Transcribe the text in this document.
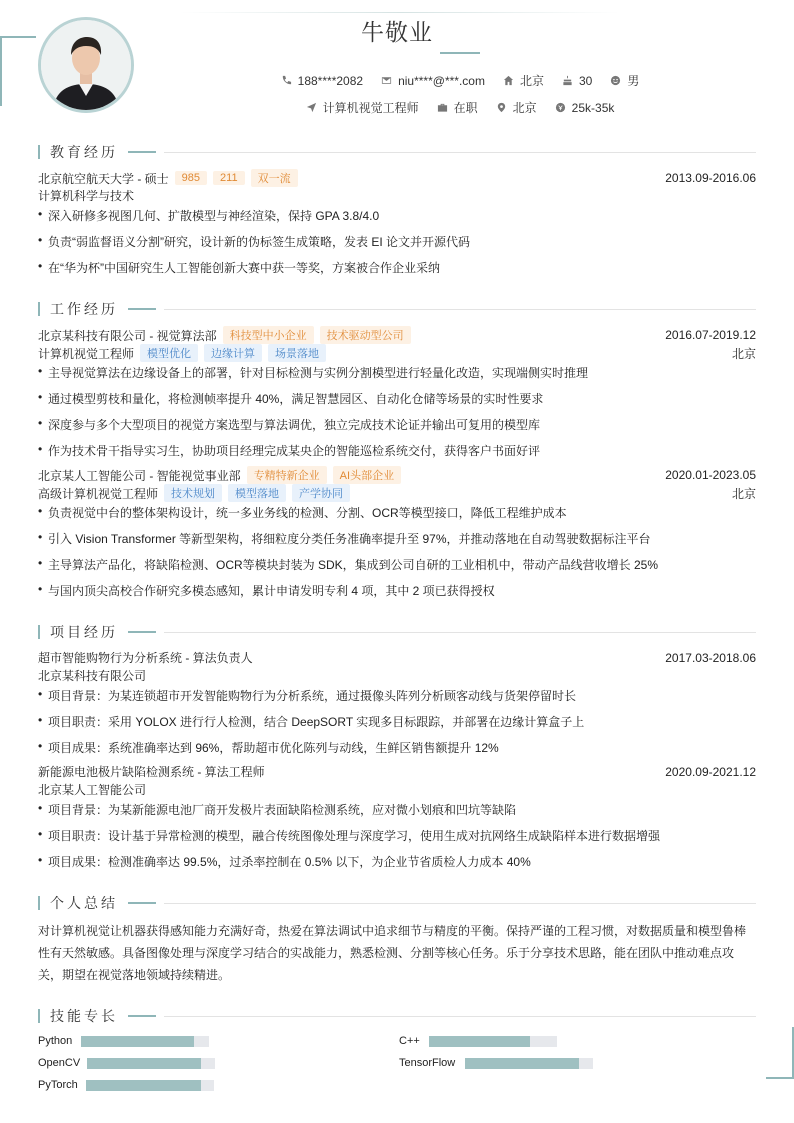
牛敬业
188****2082	niu****@***.com	北京	30	男
计算机视觉工程师	在职	北京	25k-35k
教育经历
北京航空航天大学 - 硕士	985	211	双一流	2013.09-2016.06
计算机科学与技术
• 深入研修多视图几何、扩散模型与神经渲染，保持 GPA 3.8/4.0
• 负责“弱监督语义分割”研究，设计新的伪标签生成策略，发表 EI 论文并开源代码
• 在“华为杯”中国研究生人工智能创新大赛中获一等奖，方案被合作企业采纳
工作经历
北京某科技有限公司 - 视觉算法部	科技型中小企业	技术驱动型公司	2016.07-2019.12
计算机视觉工程师	模型优化	边缘计算	场景落地	北京
• 主导视觉算法在边缘设备上的部署，针对目标检测与实例分割模型进行轻量化改造，实现端侧实时推理
• 通过模型剪枝和量化，将检测帧率提升 40%，满足智慧园区、自动化仓储等场景的实时性要求
• 深度参与多个大型项目的视觉方案选型与算法调优，独立完成技术论证并输出可复用的模型库
• 作为技术骨干指导实习生，协助项目经理完成某央企的智能巡检系统交付，获得客户书面好评
北京某人工智能公司 - 智能视觉事业部	专精特新企业	AI头部企业	2020.01-2023.05
高级计算机视觉工程师	技术规划	模型落地	产学协同	北京
• 负责视觉中台的整体架构设计，统一多业务线的检测、分割、OCR等模型接口，降低工程维护成本
• 引入 Vision Transformer 等新型架构，将细粒度分类任务准确率提升至 97%，并推动落地在自动驾驶数据标注平台
• 主导算法产品化，将缺陷检测、OCR等模块封装为 SDK，集成到公司自研的工业相机中，带动产品线营收增长 25%
• 与国内顶尖高校合作研究多模态感知，累计申请发明专利 4 项，其中 2 项已获得授权
项目经历
超市智能购物行为分析系统 - 算法负责人	2017.03-2018.06
北京某科技有限公司
• 项目背景：为某连锁超市开发智能购物行为分析系统，通过摄像头阵列分析顾客动线与货架停留时长
• 项目职责：采用 YOLOX 进行行人检测，结合 DeepSORT 实现多目标跟踪，并部署在边缘计算盒子上
• 项目成果：系统准确率达到 96%，帮助超市优化陈列与动线，生鲜区销售额提升 12%
新能源电池极片缺陷检测系统 - 算法工程师	2020.09-2021.12
北京某人工智能公司
• 项目背景：为某新能源电池厂商开发极片表面缺陷检测系统，应对微小划痕和凹坑等缺陷
• 项目职责：设计基于异常检测的模型，融合传统图像处理与深度学习，使用生成对抗网络生成缺陷样本进行数据增强
• 项目成果：检测准确率达 99.5%，过杀率控制在 0.5% 以下，为企业节省质检人力成本 40%
个人总结
对计算机视觉让机器获得感知能力充满好奇，热爱在算法调试中追求细节与精度的平衡。保持严谨的工程习惯，对数据质量和模型鲁棒性有天然敏感。具备图像处理与深度学习结合的实战能力，熟悉检测、分割等核心任务。乐于分享技术思路，能在团队中推动难点攻关，期望在视觉落地领域持续精进。
技能专长
Python	C++
OpenCV	TensorFlow
PyTorch
